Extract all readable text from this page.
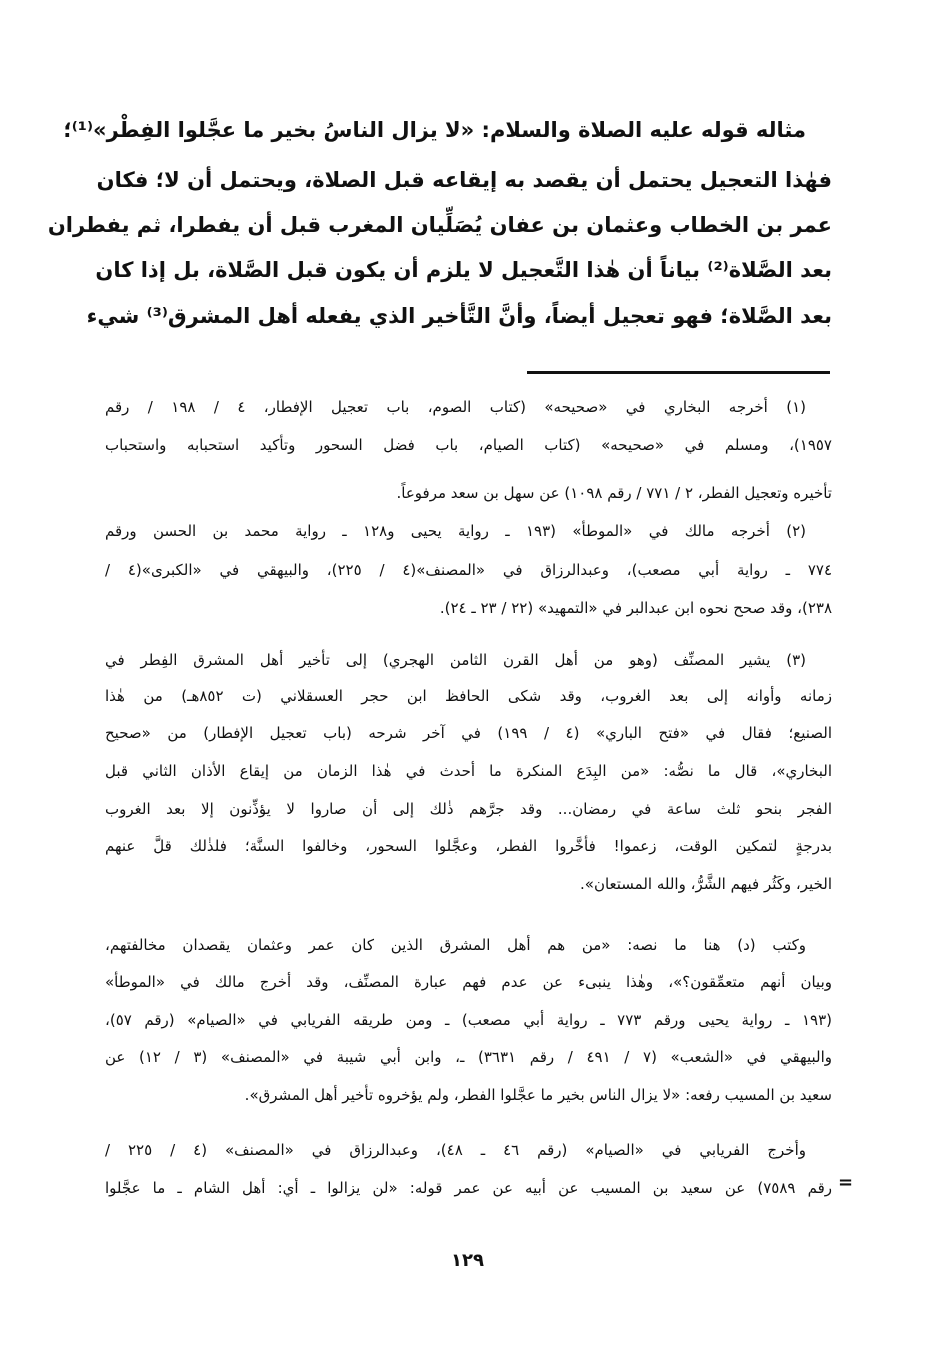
مثاله قوله عليه الصلاة والسلام: «لا يزال الناسُ بخير ما عجَّلوا الفِطْر»⁽¹⁾؛
فهٰذا التعجيل يحتمل أن يقصد به إيقاعه قبل الصلاة، ويحتمل أن لا؛ فكان
عمر بن الخطاب وعثمان بن عفان يُصَلِّيان المغرب قبل أن يفطرا، ثم يفطران
بعد الصَّلاة⁽²⁾ بياناً أن هٰذا التَّعجيل لا يلزم أن يكون قبل الصَّلاة، بل إذا كان
بعد الصَّلاة؛ فهو تعجيل أيضاً، وأنَّ التَّأخير الذي يفعله أهل المشرق⁽³⁾ شيء
(١) أخرجه البخاري في «صحيحه» (كتاب الصوم، باب تعجيل الإفطار، ٤ / ١٩٨ / رقم
١٩٥٧)، ومسلم في «صحيحه» (كتاب الصيام، باب فضل السحور وتأكيد استحبابه واستحباب
تأخيره وتعجيل الفطر، ٢ / ٧٧١ / رقم ١٠٩٨) عن سهل بن سعد مرفوعاً.
(٢) أخرجه مالك في «الموطأ» (١٩٣ ـ رواية يحيى و١٢٨ ـ رواية محمد بن الحسن ورقم
٧٧٤ ـ رواية أبي مصعب)، وعبدالرزاق في «المصنف»(٤ / ٢٢٥)، والبيهقي في «الكبرى»(٤ /
٢٣٨)، وقد صحح نحوه ابن عبدالبر في «التمهيد» (٢٢ / ٢٣ ـ ٢٤).
(٣) يشير المصنِّف (وهو من أهل القرن الثامن الهجري) إلى تأخير أهل المشرق الفِطر في
زمانه وأوانه إلى بعد الغروب، وقد شكى الحافظ ابن حجر العسقلاني (ت ٨٥٢هـ) من هٰذا
الصنيع؛ فقال في «فتح الباري» (٤ / ١٩٩) في آخر شرحه (باب تعجيل الإفطار) من «صحيح
البخاري»، قال ما نصُّه: «من البِدَع المنكرة ما أحدث في هٰذا الزمان من إيقاع الأذان الثاني قبل
الفجر بنحو ثلث ساعة في رمضان... وقد جرَّهم ذٰلك إلى أن صاروا لا يؤذِّنون إلا بعد الغروب
بدرجةٍ لتمكين الوقت، زعموا! فأخَّروا الفطر، وعجَّلوا السحور، وخالفوا السنَّة؛ فلذٰلك قلَّ عنهم
الخير، وكَثُر فيهم الشَّرُّ، والله المستعان».
وكتب (د) هنا ما نصه: «من هم أهل المشرق الذين كان عمر وعثمان يقصدان مخالفتهم،
وبيان أنهم متعمِّقون؟»، وهٰذا ينبىء عن عدم فهم عبارة المصنِّف، وقد أخرج مالك في «الموطأ»
(١٩٣ ـ رواية يحيى ورقم ٧٧٣ ـ رواية أبي مصعب) ـ ومن طريقه الفريابي في «الصيام» (رقم ٥٧)،
والبيهقي في «الشعب» (٧ / ٤٩١ / رقم ٣٦٣١) ـ، وابن أبي شيبة في «المصنف» (٣ / ١٢) عن
سعيد بن المسيب رفعه: «لا يزال الناس بخير ما عجَّلوا الفطر، ولم يؤخروه تأخير أهل المشرق».
وأخرج الفريابي في «الصيام» (رقم ٤٦ ـ ٤٨)، وعبدالرزاق في «المصنف» (٤ / ٢٢٥ /
رقم ٧٥٨٩) عن سعيد بن المسيب عن أبيه عن عمر قوله: «لن يزالوا ـ أي: أهل الشام ـ ما عجَّلوا =
١٢٩
